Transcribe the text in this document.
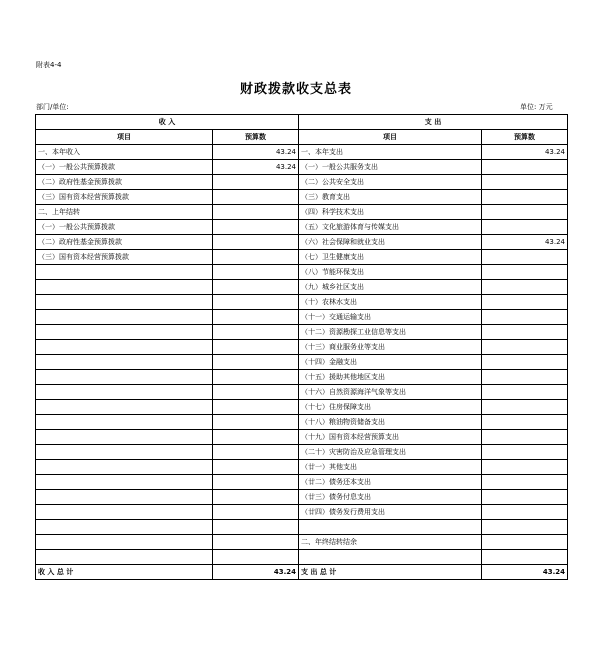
附表4-4
财政拨款收支总表
部门/单位:	单位: 万元
收 入		支 出	
项目	预算数	项目	预算数
一、本年收入	43.24	一、本年支出	43.24
（一）一般公共预算拨款	43.24	（一）一般公共服务支出	
（二）政府性基金预算拨款		（二）公共安全支出	
（三）国有资本经营预算拨款		（三）教育支出	
二、上年结转		（四）科学技术支出	
（一）一般公共预算拨款		（五）文化旅游体育与传媒支出	
（二）政府性基金预算拨款		（六）社会保障和就业支出	43.24
（三）国有资本经营预算拨款		（七）卫生健康支出	
		（八）节能环保支出	
		（九）城乡社区支出	
		（十）农林水支出	
		（十一）交通运输支出	
		（十二）资源勘探工业信息等支出	
		（十三）商业服务业等支出	
		（十四）金融支出	
		（十五）援助其他地区支出	
		（十六）自然资源海洋气象等支出	
		（十七）住房保障支出	
		（十八）粮油物资储备支出	
		（十九）国有资本经营预算支出	
		（二十）灾害防治及应急管理支出	
		（廿一）其他支出	
		（廿二）债务还本支出	
		（廿三）债务付息支出	
		（廿四）债务发行费用支出	

		二、年终结转结余	

收 入 总 计	43.24	支 出 总 计	43.24
